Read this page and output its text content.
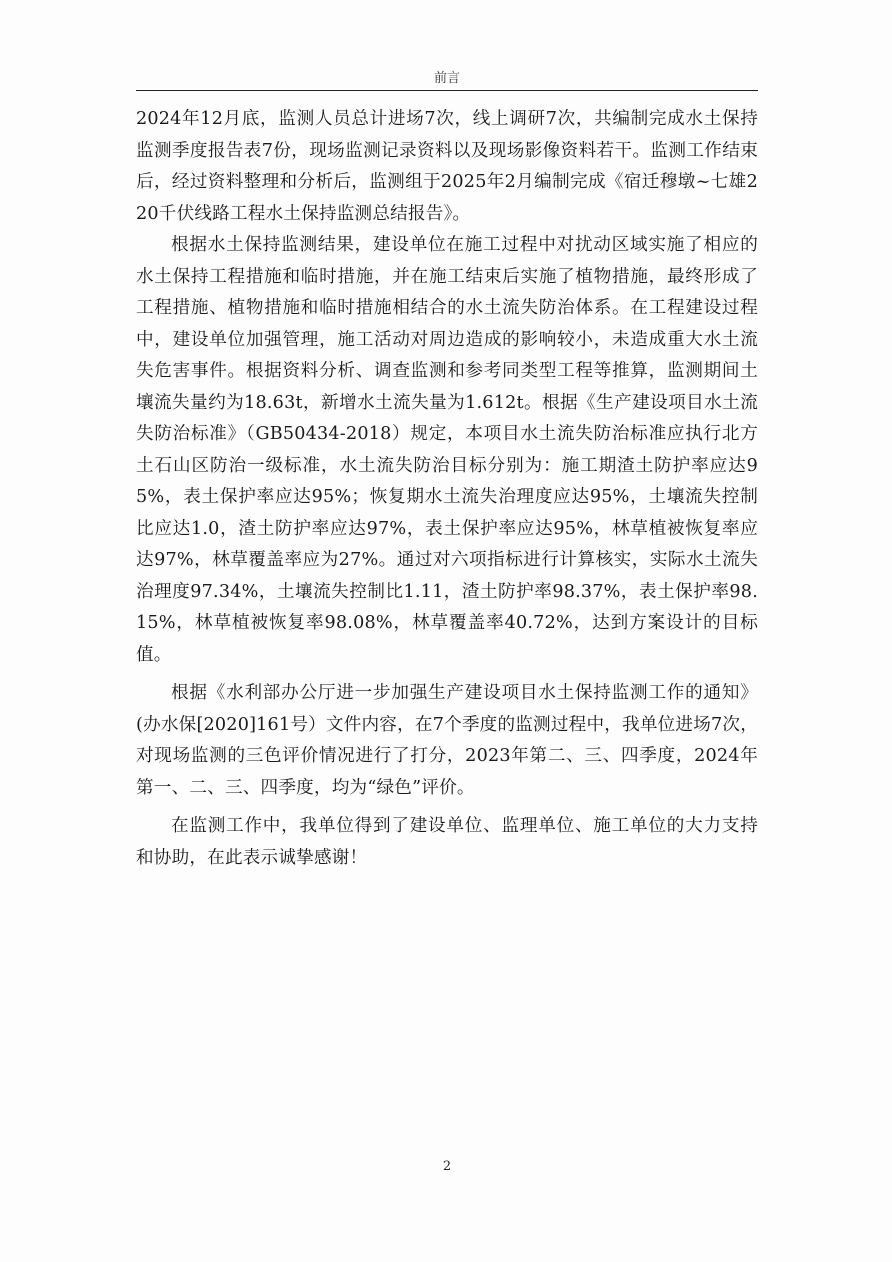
前言

2024年12月底，监测人员总计进场7次，线上调研7次，共编制完成水土保持监测季度报告表7份，现场监测记录资料以及现场影像资料若干。监测工作结束后，经过资料整理和分析后，监测组于2025年2月编制完成《宿迁穆墩~七雄220千伏线路工程水土保持监测总结报告》。

根据水土保持监测结果，建设单位在施工过程中对扰动区域实施了相应的水土保持工程措施和临时措施，并在施工结束后实施了植物措施，最终形成了工程措施、植物措施和临时措施相结合的水土流失防治体系。在工程建设过程中，建设单位加强管理，施工活动对周边造成的影响较小，未造成重大水土流失危害事件。根据资料分析、调查监测和参考同类型工程等推算，监测期间土壤流失量约为18.63t，新增水土流失量为1.612t。根据《生产建设项目水土流失防治标准》（GB50434-2018）规定，本项目水土流失防治标准应执行北方土石山区防治一级标准，水土流失防治目标分别为：施工期渣土防护率应达95%，表土保护率应达95%；恢复期水土流失治理度应达95%，土壤流失控制比应达1.0，渣土防护率应达97%，表土保护率应达95%，林草植被恢复率应达97%，林草覆盖率应为27%。通过对六项指标进行计算核实，实际水土流失治理度97.34%，土壤流失控制比1.11，渣土防护率98.37%，表土保护率98.15%，林草植被恢复率98.08%，林草覆盖率40.72%，达到方案设计的目标值。

根据《水利部办公厅进一步加强生产建设项目水土保持监测工作的通知》(办水保[2020]161号）文件内容，在7个季度的监测过程中，我单位进场7次，对现场监测的三色评价情况进行了打分，2023年第二、三、四季度，2024年第一、二、三、四季度，均为“绿色”评价。

在监测工作中，我单位得到了建设单位、监理单位、施工单位的大力支持和协助，在此表示诚挚感谢！

2
